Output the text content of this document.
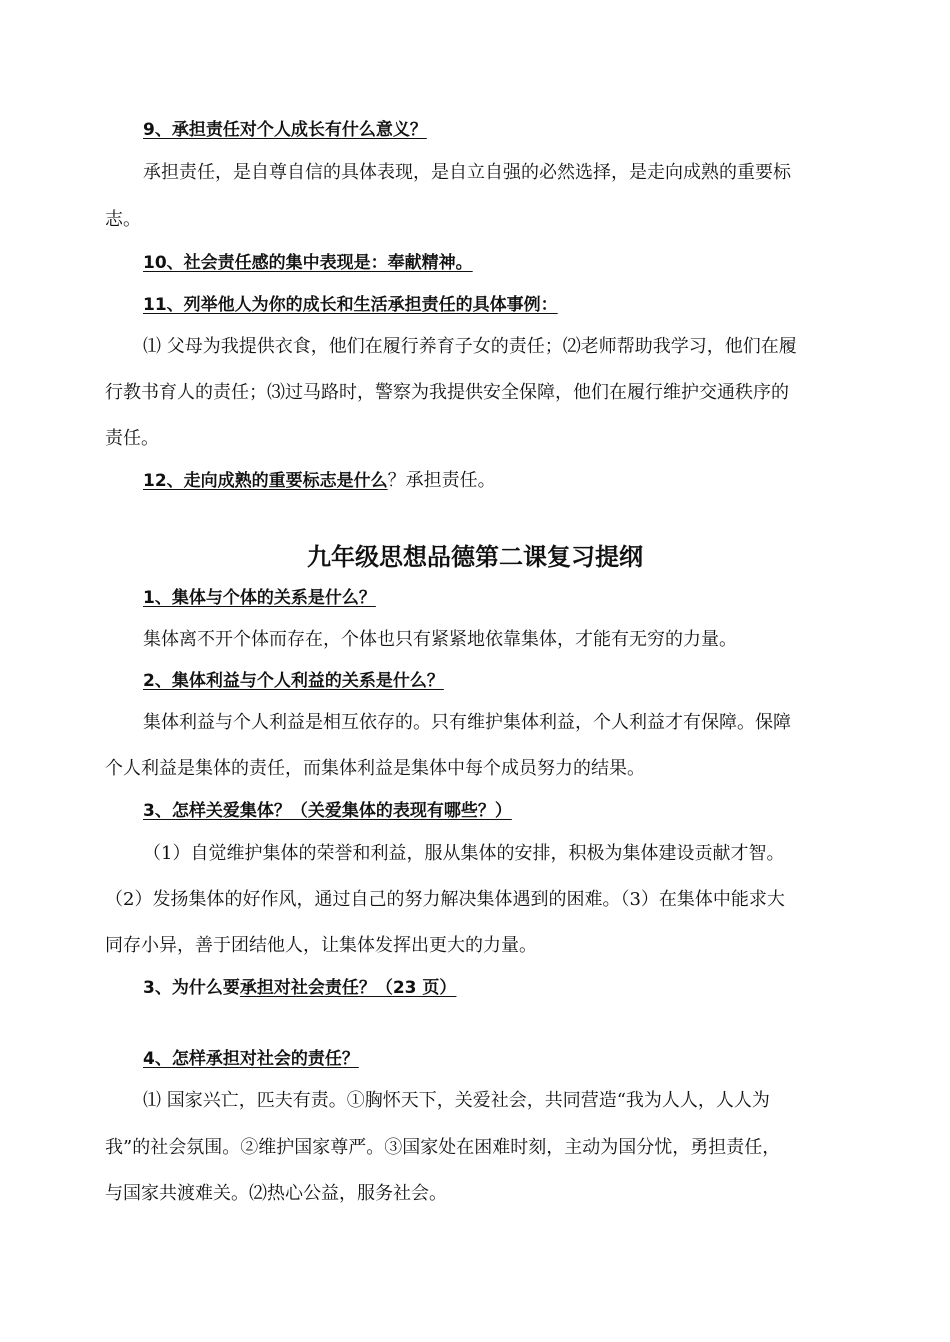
9、承担责任对个人成长有什么意义？
承担责任，是自尊自信的具体表现，是自立自强的必然选择，是走向成熟的重要标
志。
10、社会责任感的集中表现是：奉献精神。
11、列举他人为你的成长和生活承担责任的具体事例：
⑴ 父母为我提供衣食，他们在履行养育子女的责任；⑵老师帮助我学习，他们在履
行教书育人的责任；⑶过马路时，警察为我提供安全保障，他们在履行维护交通秩序的
责任。
12、走向成熟的重要标志是什么？承担责任。
九年级思想品德第二课复习提纲
1、集体与个体的关系是什么？
集体离不开个体而存在，个体也只有紧紧地依靠集体，才能有无穷的力量。
2、集体利益与个人利益的关系是什么？
集体利益与个人利益是相互依存的。只有维护集体利益，个人利益才有保障。保障
个人利益是集体的责任，而集体利益是集体中每个成员努力的结果。
3、怎样关爱集体？（关爱集体的表现有哪些？）
（1）自觉维护集体的荣誉和利益，服从集体的安排，积极为集体建设贡献才智。
（2）发扬集体的好作风，通过自己的努力解决集体遇到的困难。（3）在集体中能求大
同存小异，善于团结他人，让集体发挥出更大的力量。
3、为什么要承担对社会责任？（23 页）
4、怎样承担对社会的责任？
⑴ 国家兴亡，匹夫有责。①胸怀天下，关爱社会，共同营造“我为人人，人人为
我”的社会氛围。②维护国家尊严。③国家处在困难时刻，主动为国分忧，勇担责任，
与国家共渡难关。⑵热心公益，服务社会。
